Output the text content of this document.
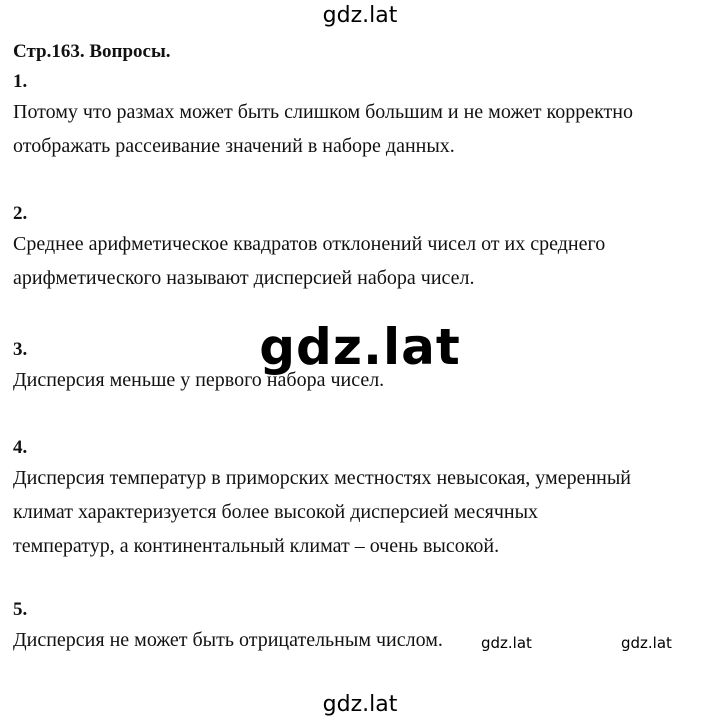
gdz.lat
Стр.163. Вопросы.
1.
Потому что размах может быть слишком большим и не может корректно
отображать рассеивание значений в наборе данных.
2.
Среднее арифметическое квадратов отклонений чисел от их среднего
арифметического называют дисперсией набора чисел.
3.
Дисперсия меньше у первого набора чисел.
4.
Дисперсия температур в приморских местностях невысокая, умеренный
климат характеризуется более высокой дисперсией месячных
температур, а континентальный климат – очень высокой.
5.
Дисперсия не может быть отрицательным числом.
gdz.lat
gdz.lat	gdz.lat
gdz.lat
